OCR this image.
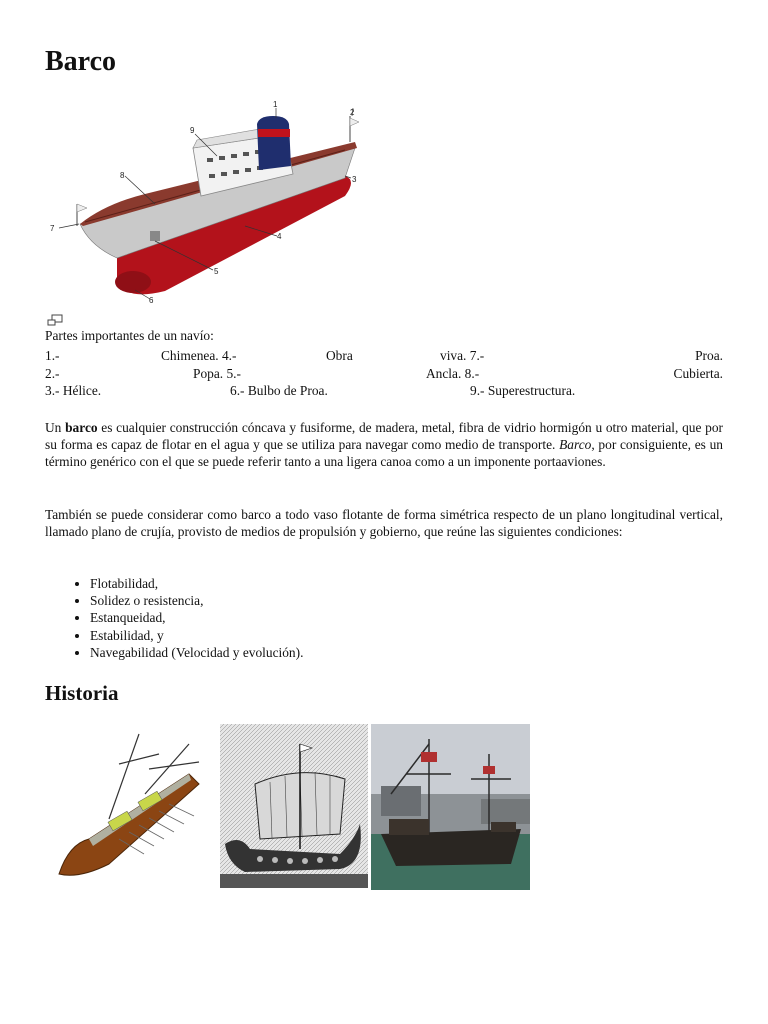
Barco
1
2
3
4
5
6
7
8
9

Partes importantes de un navío:

1.-	Chimenea. 4.-	Obra	viva. 7.-	Proa.
2.-	Popa. 5.-	Ancla. 8.-	Cubierta.
3.- Hélice.	6.- Bulbo de Proa.	9.- Superestructura.

Un barco es cualquier construcción cóncava y fusiforme, de madera, metal, fibra de vidrio hormigón u otro material, que por su forma es capaz de flotar en el agua y que se utiliza para navegar como medio de transporte. Barco, por consiguiente, es un término genérico con el que se puede referir tanto a una ligera canoa como a un imponente portaaviones.

También se puede considerar como barco a todo vaso flotante de forma simétrica respecto de un plano longitudinal vertical, llamado plano de crujía, provisto de medios de propulsión y gobierno, que reúne las siguientes condiciones:

• Flotabilidad,
• Solidez o resistencia,
• Estanqueidad,
• Estabilidad, y
• Navegabilidad (Velocidad y evolución).
Historia
